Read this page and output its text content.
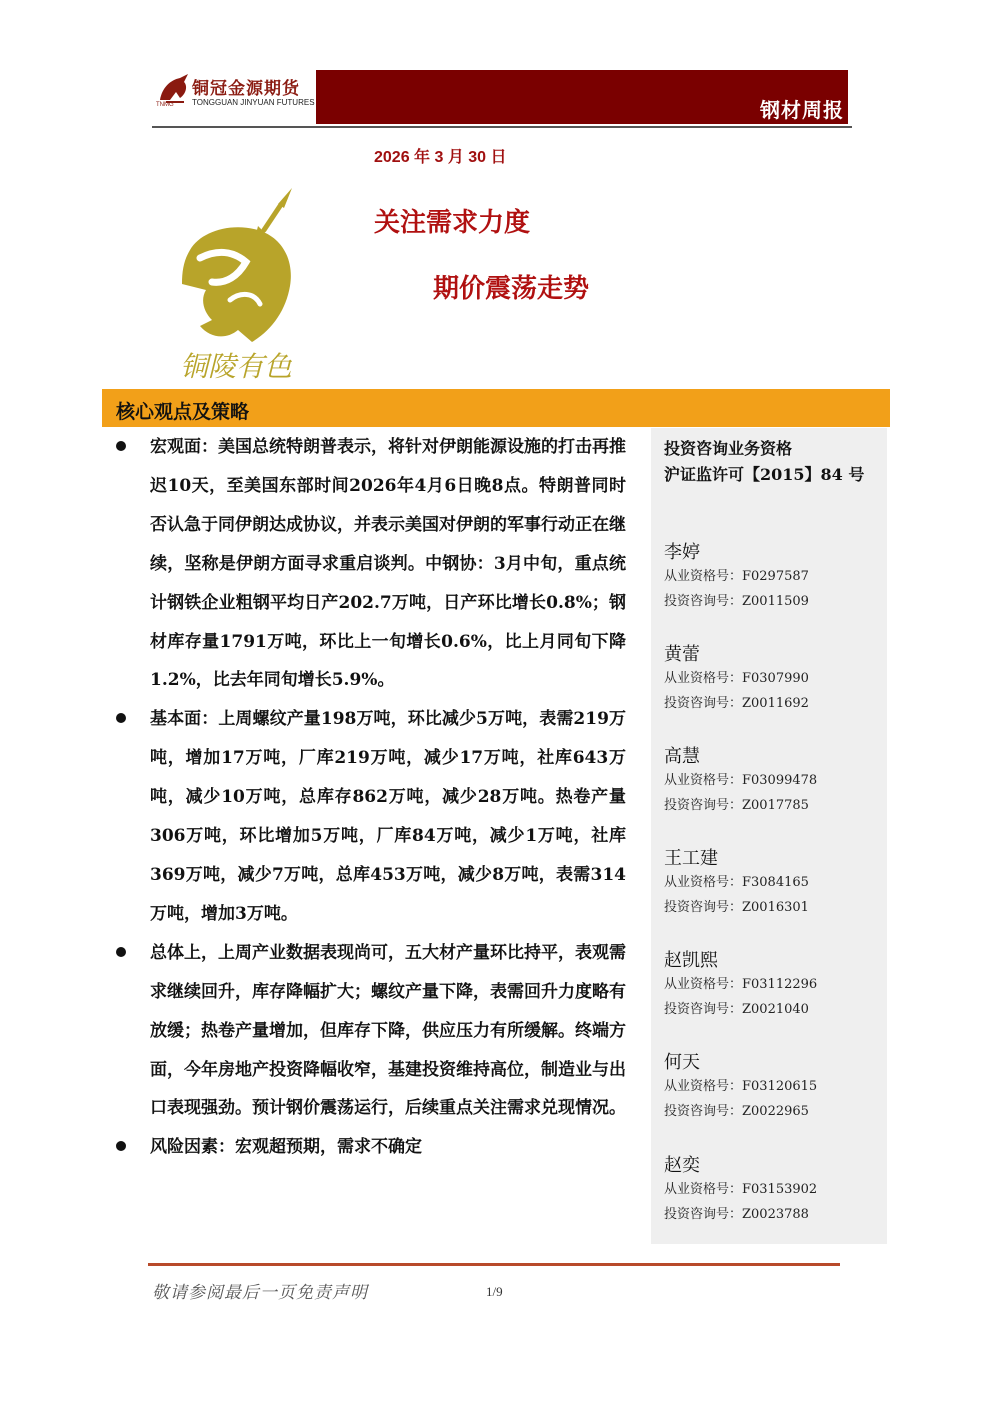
铜冠金源期货
TONGGUAN JINYUAN FUTURES
TNMG	钢材周报
2026 年 3 月 30 日
关注需求力度
期价震荡走势
铜陵有色
核心观点及策略
宏观面：美国总统特朗普表示，将针对伊朗能源设施的打击再推迟10天，至美国东部时间2026年4月6日晚8点。特朗普同时否认急于同伊朗达成协议，并表示美国对伊朗的军事行动正在继续，坚称是伊朗方面寻求重启谈判。中钢协：3月中旬，重点统计钢铁企业粗钢平均日产202.7万吨，日产环比增长0.8%；钢材库存量1791万吨，环比上一旬增长0.6%，比上月同旬下降1.2%，比去年同旬增长5.9%。
基本面：上周螺纹产量198万吨，环比减少5万吨，表需219万吨，增加17万吨，厂库219万吨，减少17万吨，社库643万吨，减少10万吨，总库存862万吨，减少28万吨。热卷产量306万吨，环比增加5万吨，厂库84万吨，减少1万吨，社库369万吨，减少7万吨，总库453万吨，减少8万吨，表需314万吨，增加3万吨。
总体上，上周产业数据表现尚可，五大材产量环比持平，表观需求继续回升，库存降幅扩大；螺纹产量下降，表需回升力度略有放缓；热卷产量增加，但库存下降，供应压力有所缓解。终端方面，今年房地产投资降幅收窄，基建投资维持高位，制造业与出口表现强劲。预计钢价震荡运行，后续重点关注需求兑现情况。
风险因素：宏观超预期，需求不确定
投资咨询业务资格
沪证监许可【2015】84 号
李婷
从业资格号：F0297587
投资咨询号：Z0011509
黄蕾
从业资格号：F0307990
投资咨询号：Z0011692
高慧
从业资格号：F03099478
投资咨询号：Z0017785
王工建
从业资格号：F3084165
投资咨询号：Z0016301
赵凯熙
从业资格号：F03112296
投资咨询号：Z0021040
何天
从业资格号：F03120615
投资咨询号：Z0022965
赵奕
从业资格号：F03153902
投资咨询号：Z0023788
敬请参阅最后一页免责声明	1/9
